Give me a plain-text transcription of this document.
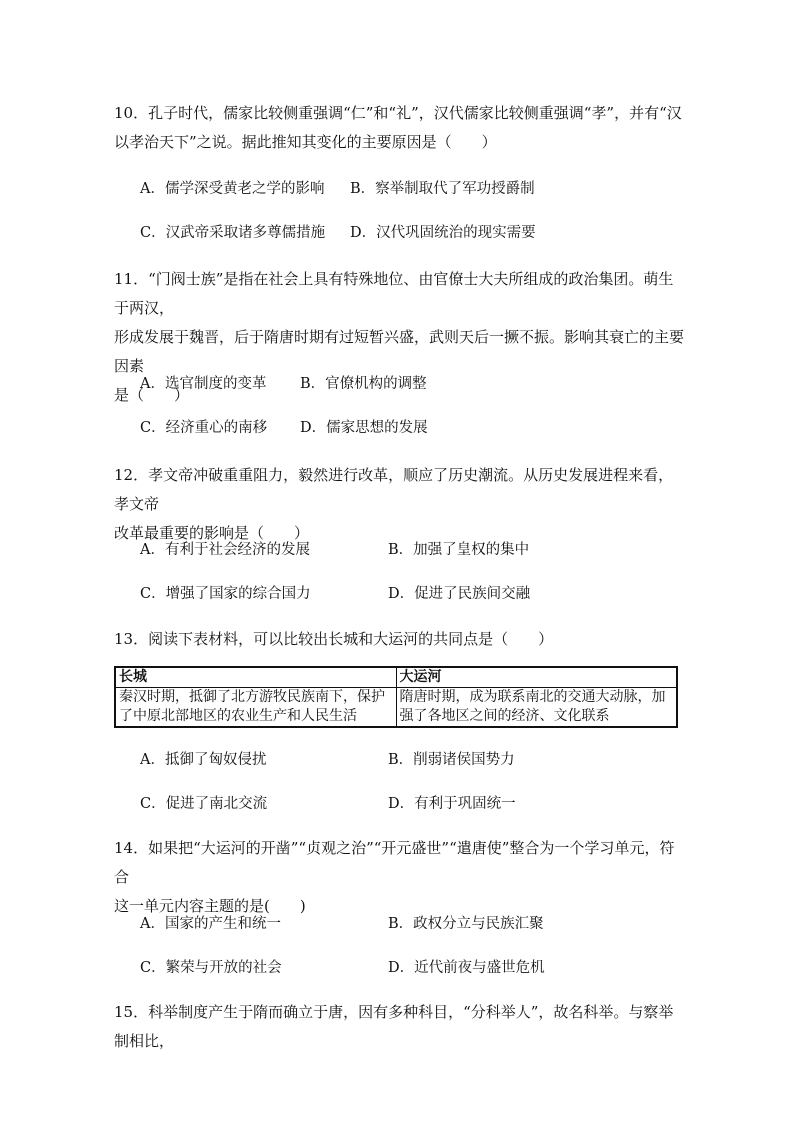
10．孔子时代，儒家比较侧重强调“仁”和“礼”，汉代儒家比较侧重强调“孝”，并有“汉

以孝治天下”之说。据此推知其变化的主要原因是（　　）

A．儒学深受黄老之学的影响 B．察举制取代了军功授爵制
C．汉武帝采取诸多尊儒措施 D．汉代巩固统治的现实需要

11．“门阀士族”是指在社会上具有特殊地位、由官僚士大夫所组成的政治集团。萌生于两汉，

形成发展于魏晋，后于隋唐时期有过短暂兴盛，武则天后一撅不振。影响其衰亡的主要因素

是（　　）

A．选官制度的变革 B．官僚机构的调整
C．经济重心的南移 D．儒家思想的发展

12．孝文帝冲破重重阻力，毅然进行改革，顺应了历史潮流。从历史发展进程来看，孝文帝

改革最重要的影响是（　　）

A．有利于社会经济的发展	B．加强了皇权的集中
C．增强了国家的综合国力	D．促进了民族间交融

13．阅读下表材料，可以比较出长城和大运河的共同点是（　　）

长城	大运河
秦汉时期，抵御了北方游牧民族南下，保护了中原北部地区的农业生产和人民生活	隋唐时期，成为联系南北的交通大动脉，加强了各地区之间的经济、文化联系
A．抵御了匈奴侵扰	B．削弱诸侯国势力
C．促进了南北交流	D．有利于巩固统一

14．如果把“大运河的开凿”“贞观之治”“开元盛世”“遣唐使”整合为一个学习单元，符合

这一单元内容主题的是(　　)

A．国家的产生和统一	B．政权分立与民族汇聚
C．繁荣与开放的社会	D．近代前夜与盛世危机

15．科举制度产生于隋而确立于唐，因有多种科目，“分科举人”，故名科举。与察举制相比，
